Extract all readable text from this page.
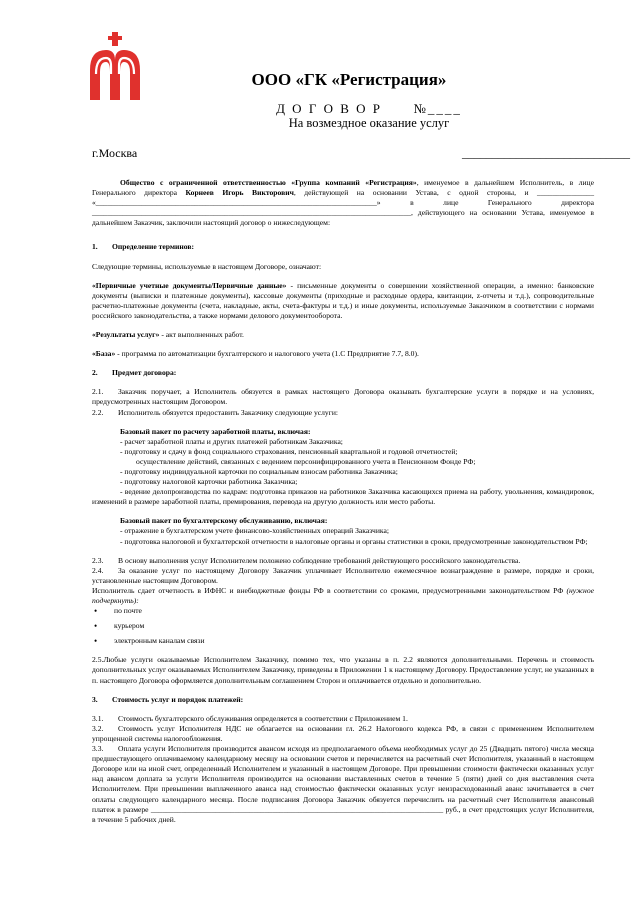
ООО «ГК «Регистрация»
Д О Г О В О Р      №____
На возмездное оказание услуг
г.Москва	____________________________

Общество с ограниченной ответственностью «Группа компаний «Регистрация», именуемое в дальнейшем Исполнитель, в лице Генерального директора Корнеев Игорь Викторович, действующей на основании Устава, с одной стороны, и _______________ «__________________________________________________________________________» в лице Генерального директора ____________________________________________________________________________________, действующего на основании Устава, именуемое в дальнейшем Заказчик, заключили настоящий договор о нижеследующем:

1. Определение терминов:

Следующие термины, используемые в настоящем Договоре, означают:

«Первичные учетные документы/Первичные данные» - письменные документы о совершении хозяйственной операции, а именно: банковские документы (выписки и платежные документы), кассовые документы (приходные и расходные ордера, квитанции, z-отчеты и т.д.), сопроводительные расчетно-платежные документы (счета, накладные, акты, счета-фактуры и т.д.) и иные документы, используемые Заказчиком в соответствии с нормами российского законодательства, а также нормами делового документооборота.

«Результаты услуг» - акт выполненных работ.

«База» - программа по автоматизации бухгалтерского и налогового учета (1.С Предприятие 7.7, 8.0).

2. Предмет договора:

2.1. Заказчик поручает, а Исполнитель обязуется в рамках настоящего Договора оказывать бухгалтерские услуги в порядке и на условиях, предусмотренных настоящим Договором.

2.2. Исполнитель обязуется предоставить Заказчику следующие услуги:

Базовый пакет по расчету заработной платы, включая:

- расчет заработной платы и других платежей работникам Заказчика;

- подготовку и сдачу в фонд социального страхования, пенсионный квартальной и годовой отчетностей;

осуществление действий, связанных с ведением персонифицированного учета в Пенсионном Фонде РФ;

- подготовку индивидуальной карточки по социальным взносам работника Заказчика;

- подготовку налоговой карточки работника Заказчика;

- ведение делопроизводства по кадрам: подготовка приказов на работников Заказчика касающихся приема на работу, увольнения, командировок, изменений в размере заработной платы, премирования, перевода на другую должность или место работы.

Базовый пакет по бухгалтерскому обслуживанию, включая:

- отражение в бухгалтерском учете финансово-хозяйственных операций Заказчика;

- подготовка налоговой и бухгалтерской отчетности в налоговые органы и органы статистики в сроки, предусмотренные законодательством РФ;

2.3. В основу выполнения услуг Исполнителем положено соблюдение требований действующего российского законодательства.

2.4. За оказание услуг по настоящему Договору Заказчик уплачивает Исполнителю ежемесячное вознаграждение в размере, порядке и сроки, установленные настоящим Договором.

Исполнитель сдает отчетность в ИФНС и внебюджетные фонды РФ в соответствии со сроками, предусмотренными законодательством РФ (нужное подчеркнуть):

• по почте

• курьером

• электронным каналам связи

2.5.Любые услуги оказываемые Исполнителем Заказчику, помимо тех, что указаны в п. 2.2 являются дополнительными. Перечень и стоимость дополнительных услуг оказываемых Исполнителем Заказчику, приведены в Приложении 1 к настоящему Договору. Предоставление услуг, не указанных в п. настоящего Договора оформляется дополнительным соглашением Сторон и оплачивается отдельно и дополнительно.

3. Стоимость услуг и порядок платежей:

3.1. Стоимость бухгалтерского обслуживания определяется в соответствии с Приложением 1.

3.2. Стоимость услуг Исполнителя НДС не облагается на основании гл. 26.2 Налогового кодекса РФ, в связи с применением Исполнителем упрощенной системы налогообложения.

3.3. Оплата услуги Исполнителя производится авансом исходя из предполагаемого объема необходимых услуг до 25 (Двадцать пятого) числа месяца предшествующего оплачиваемому календарному месяцу на основании счетов и перечисляется на расчетный счет Исполнителя, указанный в настоящем Договоре или на иной счет, определенный Исполнителем и указанный в настоящем Договоре. При превышении стоимости фактически оказанных услуг над авансом доплата за услуги Исполнителя производится на основании выставленных счетов в течение 5 (пяти) дней со дня выставления счета Исполнителем. При превышении выплаченного аванса над стоимостью фактически оказанных услуг неизрасходованный аванс зачитывается в счет оплаты следующего календарного месяца. После подписания Договора Заказчик обязуется перечислить на расчетный счет Исполнителя авансовый платеж в размере _____________________________________________________________________________ руб., в счет предстоящих услуг Исполнителя, в течение 5 рабочих дней.
